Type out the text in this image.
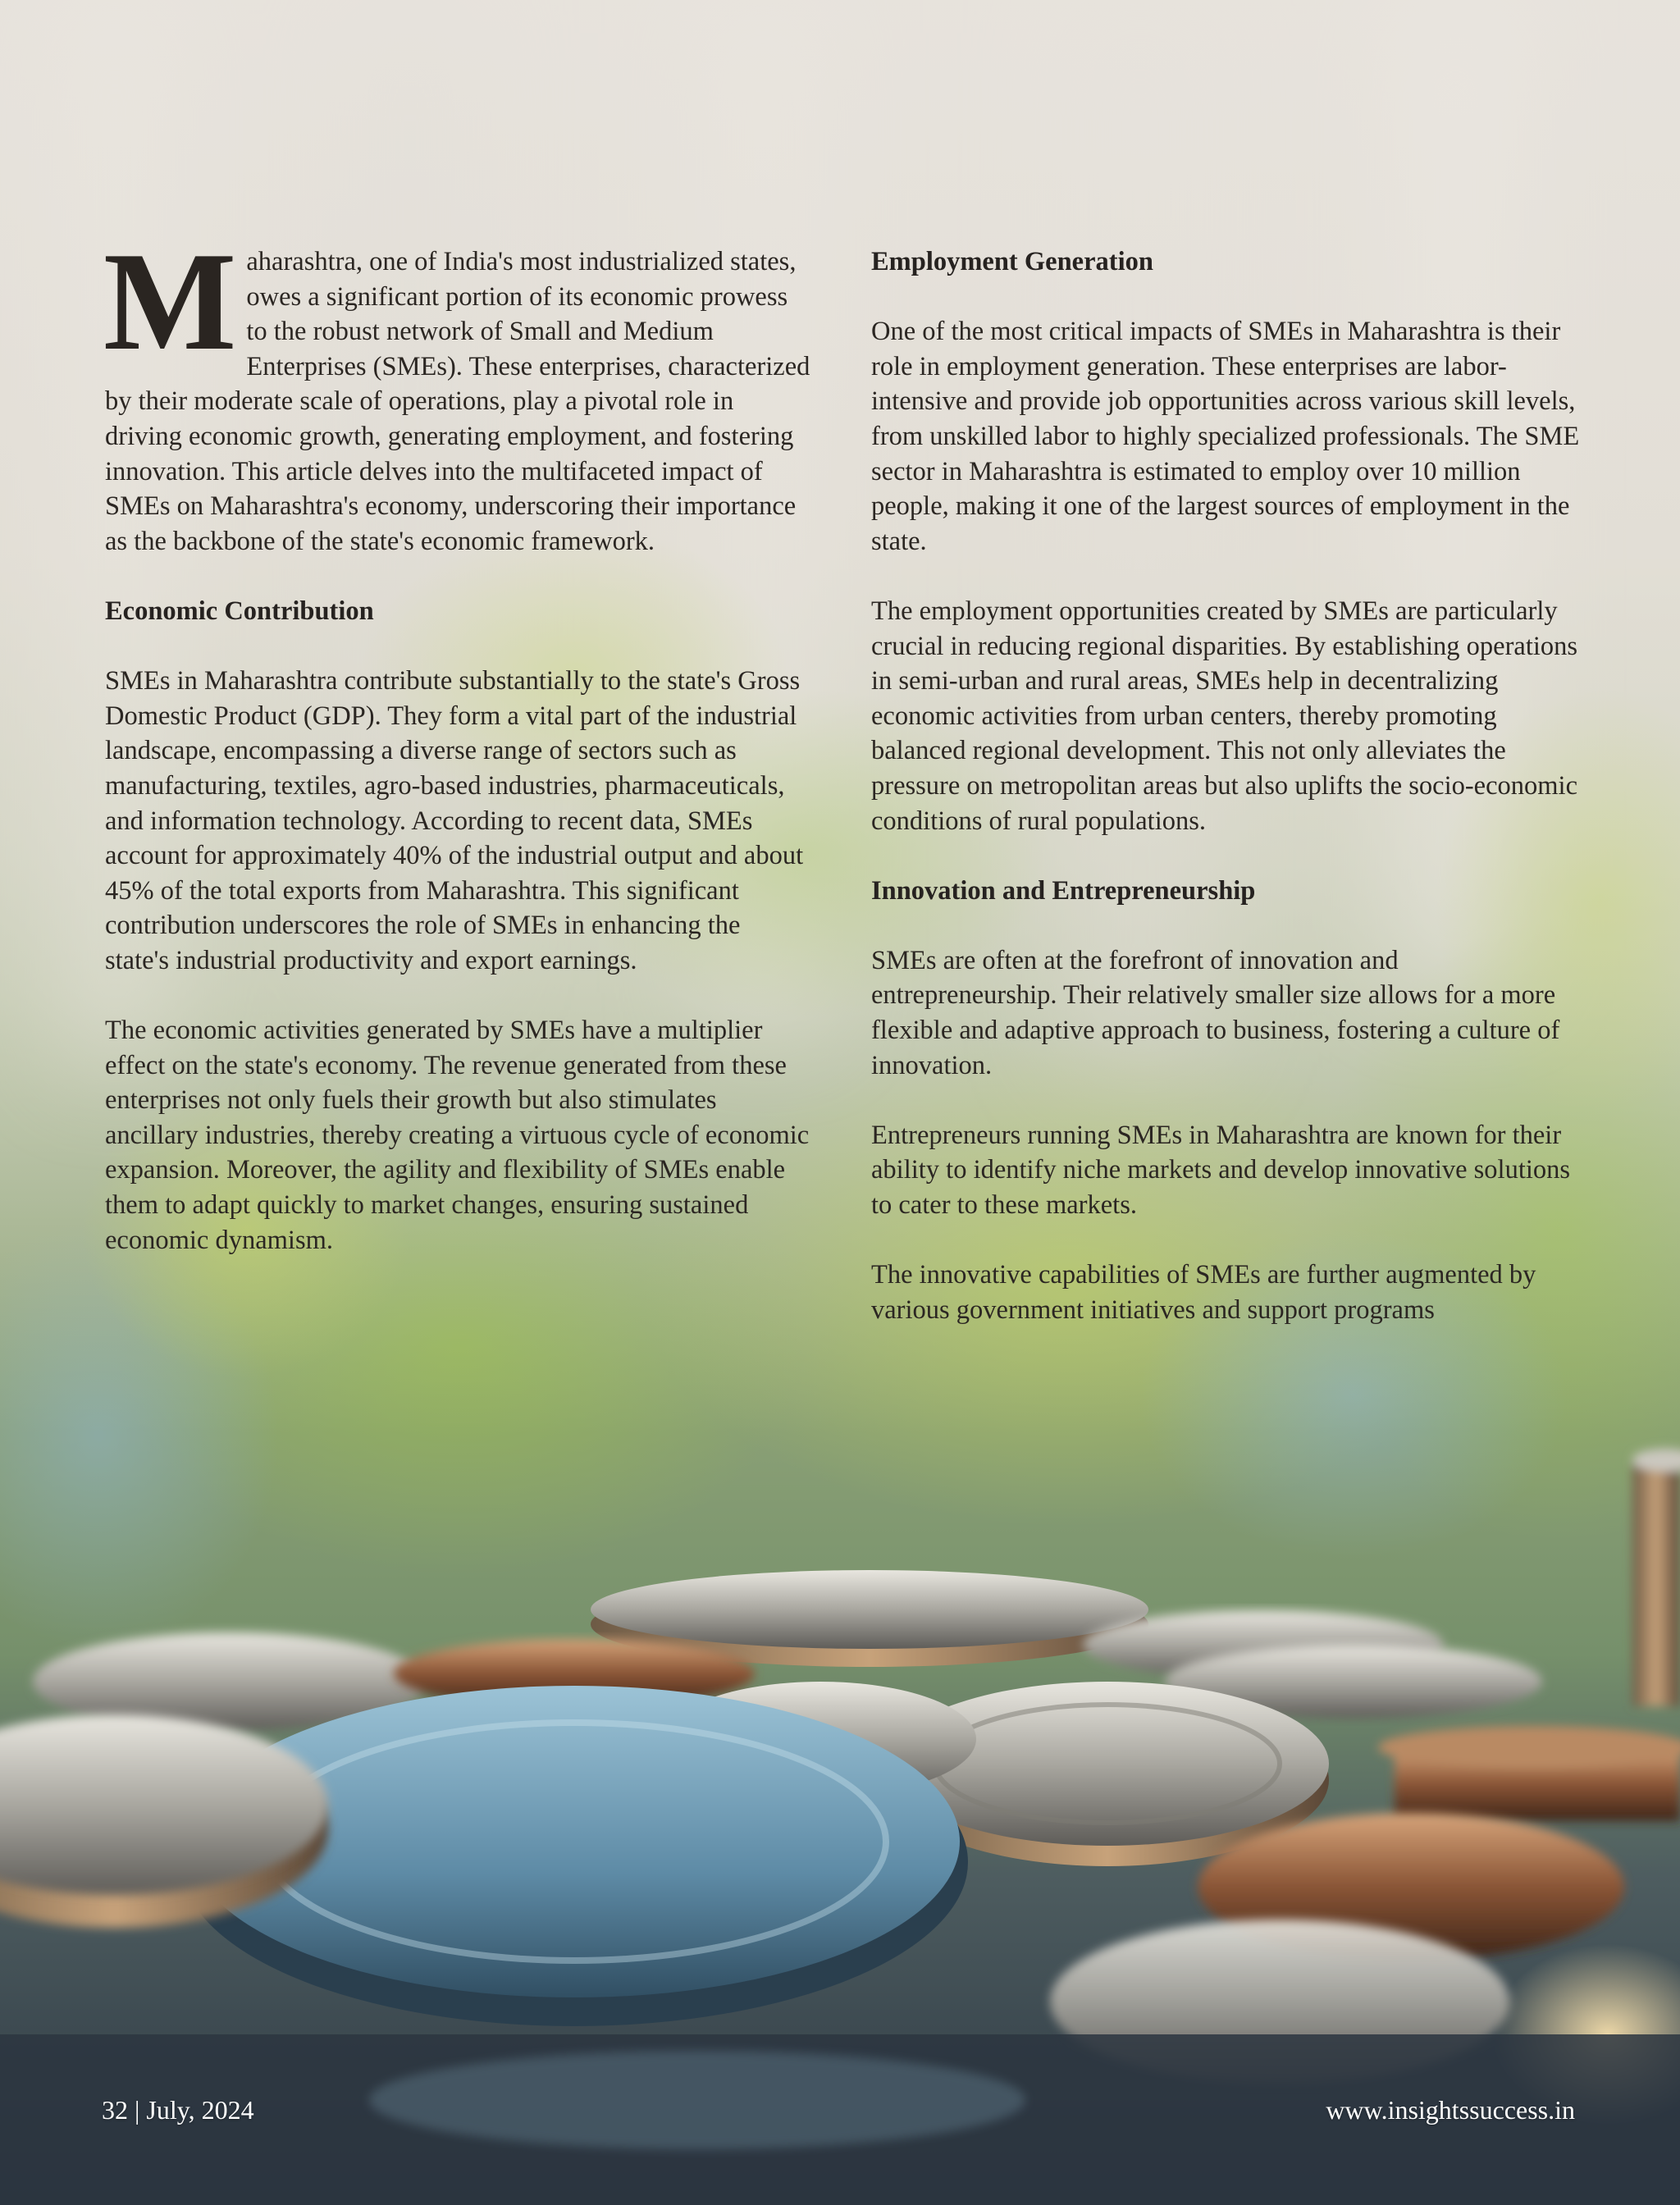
Maharashtra, one of India's most industrialized states, owes a significant portion of its economic prowess to the robust network of Small and Medium Enterprises (SMEs). These enterprises, characterized by their moderate scale of operations, play a pivotal role in driving economic growth, generating employment, and fostering innovation. This article delves into the multifaceted impact of SMEs on Maharashtra's economy, underscoring their importance as the backbone of the state's economic framework.

Economic Contribution

SMEs in Maharashtra contribute substantially to the state's Gross Domestic Product (GDP). They form a vital part of the industrial landscape, encompassing a diverse range of sectors such as manufacturing, textiles, agro-based industries, pharmaceuticals, and information technology. According to recent data, SMEs account for approximately 40% of the industrial output and about 45% of the total exports from Maharashtra. This significant contribution underscores the role of SMEs in enhancing the state's industrial productivity and export earnings.

The economic activities generated by SMEs have a multiplier effect on the state's economy. The revenue generated from these enterprises not only fuels their growth but also stimulates ancillary industries, thereby creating a virtuous cycle of economic expansion. Moreover, the agility and flexibility of SMEs enable them to adapt quickly to market changes, ensuring sustained economic dynamism.

Employment Generation

One of the most critical impacts of SMEs in Maharashtra is their role in employment generation. These enterprises are labor-intensive and provide job opportunities across various skill levels, from unskilled labor to highly specialized professionals. The SME sector in Maharashtra is estimated to employ over 10 million people, making it one of the largest sources of employment in the state.

The employment opportunities created by SMEs are particularly crucial in reducing regional disparities. By establishing operations in semi-urban and rural areas, SMEs help in decentralizing economic activities from urban centers, thereby promoting balanced regional development. This not only alleviates the pressure on metropolitan areas but also uplifts the socio-economic conditions of rural populations.

Innovation and Entrepreneurship

SMEs are often at the forefront of innovation and entrepreneurship. Their relatively smaller size allows for a more flexible and adaptive approach to business, fostering a culture of innovation.

Entrepreneurs running SMEs in Maharashtra are known for their ability to identify niche markets and develop innovative solutions to cater to these markets.

The innovative capabilities of SMEs are further augmented by various government initiatives and support programs

32 | July, 2024	www.insightssuccess.in
